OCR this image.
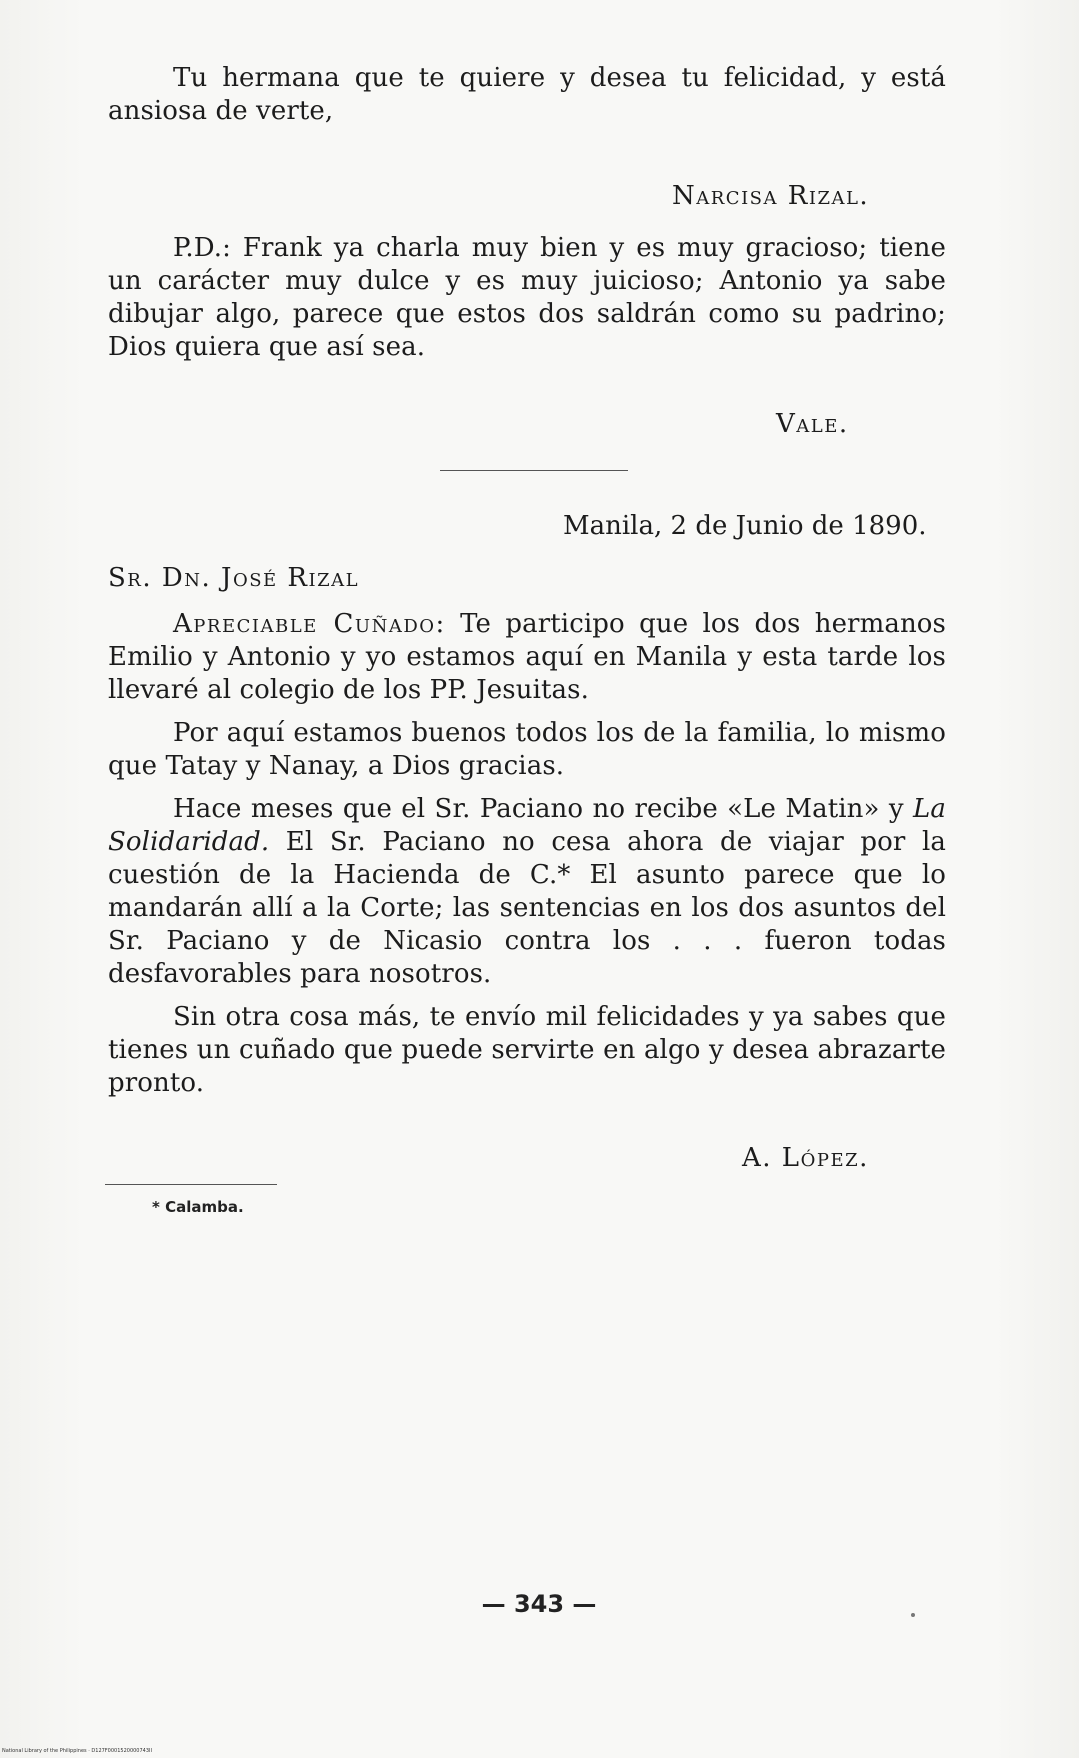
Tu hermana que te quiere y desea tu felicidad, y está ansiosa de verte,

Narcisa Rizal.

P.D.: Frank ya charla muy bien y es muy gracioso; tiene un carácter muy dulce y es muy juicioso; Antonio ya sabe dibujar algo, parece que estos dos saldrán como su padrino; Dios quiera que así sea.

Vale.
Manila, 2 de Junio de 1890.
Sr. Dn. José Rizal

Apreciable Cuñado: Te participo que los dos hermanos Emilio y Antonio y yo estamos aquí en Manila y esta tarde los llevaré al colegio de los PP. Jesuitas.

Por aquí estamos buenos todos los de la familia, lo mismo que Tatay y Nanay, a Dios gracias.

Hace meses que el Sr. Paciano no recibe «Le Matin» y La Solidaridad. El Sr. Paciano no cesa ahora de viajar por la cuestión de la Hacienda de C.* El asunto parece que lo mandarán allí a la Corte; las sentencias en los dos asuntos del Sr. Paciano y de Nicasio contra los . . . fueron todas desfavorables para nosotros.

Sin otra cosa más, te envío mil felicidades y ya sabes que tienes un cuñado que puede servirte en algo y desea abrazarte pronto.

A. López.
* Calamba.
— 343 —
National Library of the Philippines · D127F0001520000743II
